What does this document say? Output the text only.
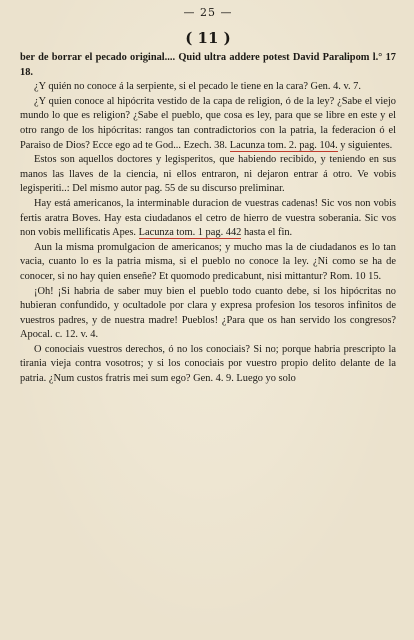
— 25 —
( 11 )

ber de borrar el pecado original.... Quid ultra addere potest David Paralipom l.° 17 18.

¿Y quién no conoce á la serpiente, si el pecado le tiene en la cara? Gen. 4. v. 7.

¿Y quien conoce al hipócrita vestido de la capa de religion, ó de la ley? ¿Sabe el viejo mundo lo que es religion? ¿Sabe el pueblo, que cosa es ley, para que se libre en este y el otro rango de los hipócritas: rangos tan contradictorios con la patria, la federacion ó el Paraiso de Dios? Ecce ego ad te God... Ezech. 38. Lacunza tom. 2. pag. 104. y siguientes.

Estos son aquellos doctores y legisperitos, que habiendo recibido, y teniendo en sus manos las llaves de la ciencia, ni ellos entraron, ni dejaron entrar á otro. Ve vobis legisperiti..: Del mismo autor pag. 55 de su discurso preliminar.

Hay está americanos, la interminable duracion de vuestras cadenas! Sic vos non vobis fertis aratra Boves. Hay esta ciudadanos el cetro de hierro de vuestra soberania. Sic vos non vobis mellificatis Apes. Lacunza tom. 1 pag. 442 hasta el fin.

Aun la misma promulgacion de americanos; y mucho mas la de ciudadanos es lo tan vacia, cuanto lo es la patria misma, si el pueblo no conoce la ley. ¿Ni como se ha de conocer, si no hay quien enseñe? Et quomodo predicabunt, nisi mittantur? Rom. 10 15.

¡Oh! ¡Si habria de saber muy bien el pueblo todo cuanto debe, si los hipócritas no hubieran confundido, y ocultadole por clara y expresa profesion los tesoros infinitos de vuestros padres, y de nuestra madre! Pueblos! ¿Para que os han servido los congresos? Apocal. c. 12. v. 4.

O conociais vuestros derechos, ó no los conociais? Si no; porque habria prescripto la tirania vieja contra vosotros; y si los conociais por vuestro propio delito delante de la patria. ¿Num custos fratris mei sum ego? Gen. 4. 9. Luego yo solo
